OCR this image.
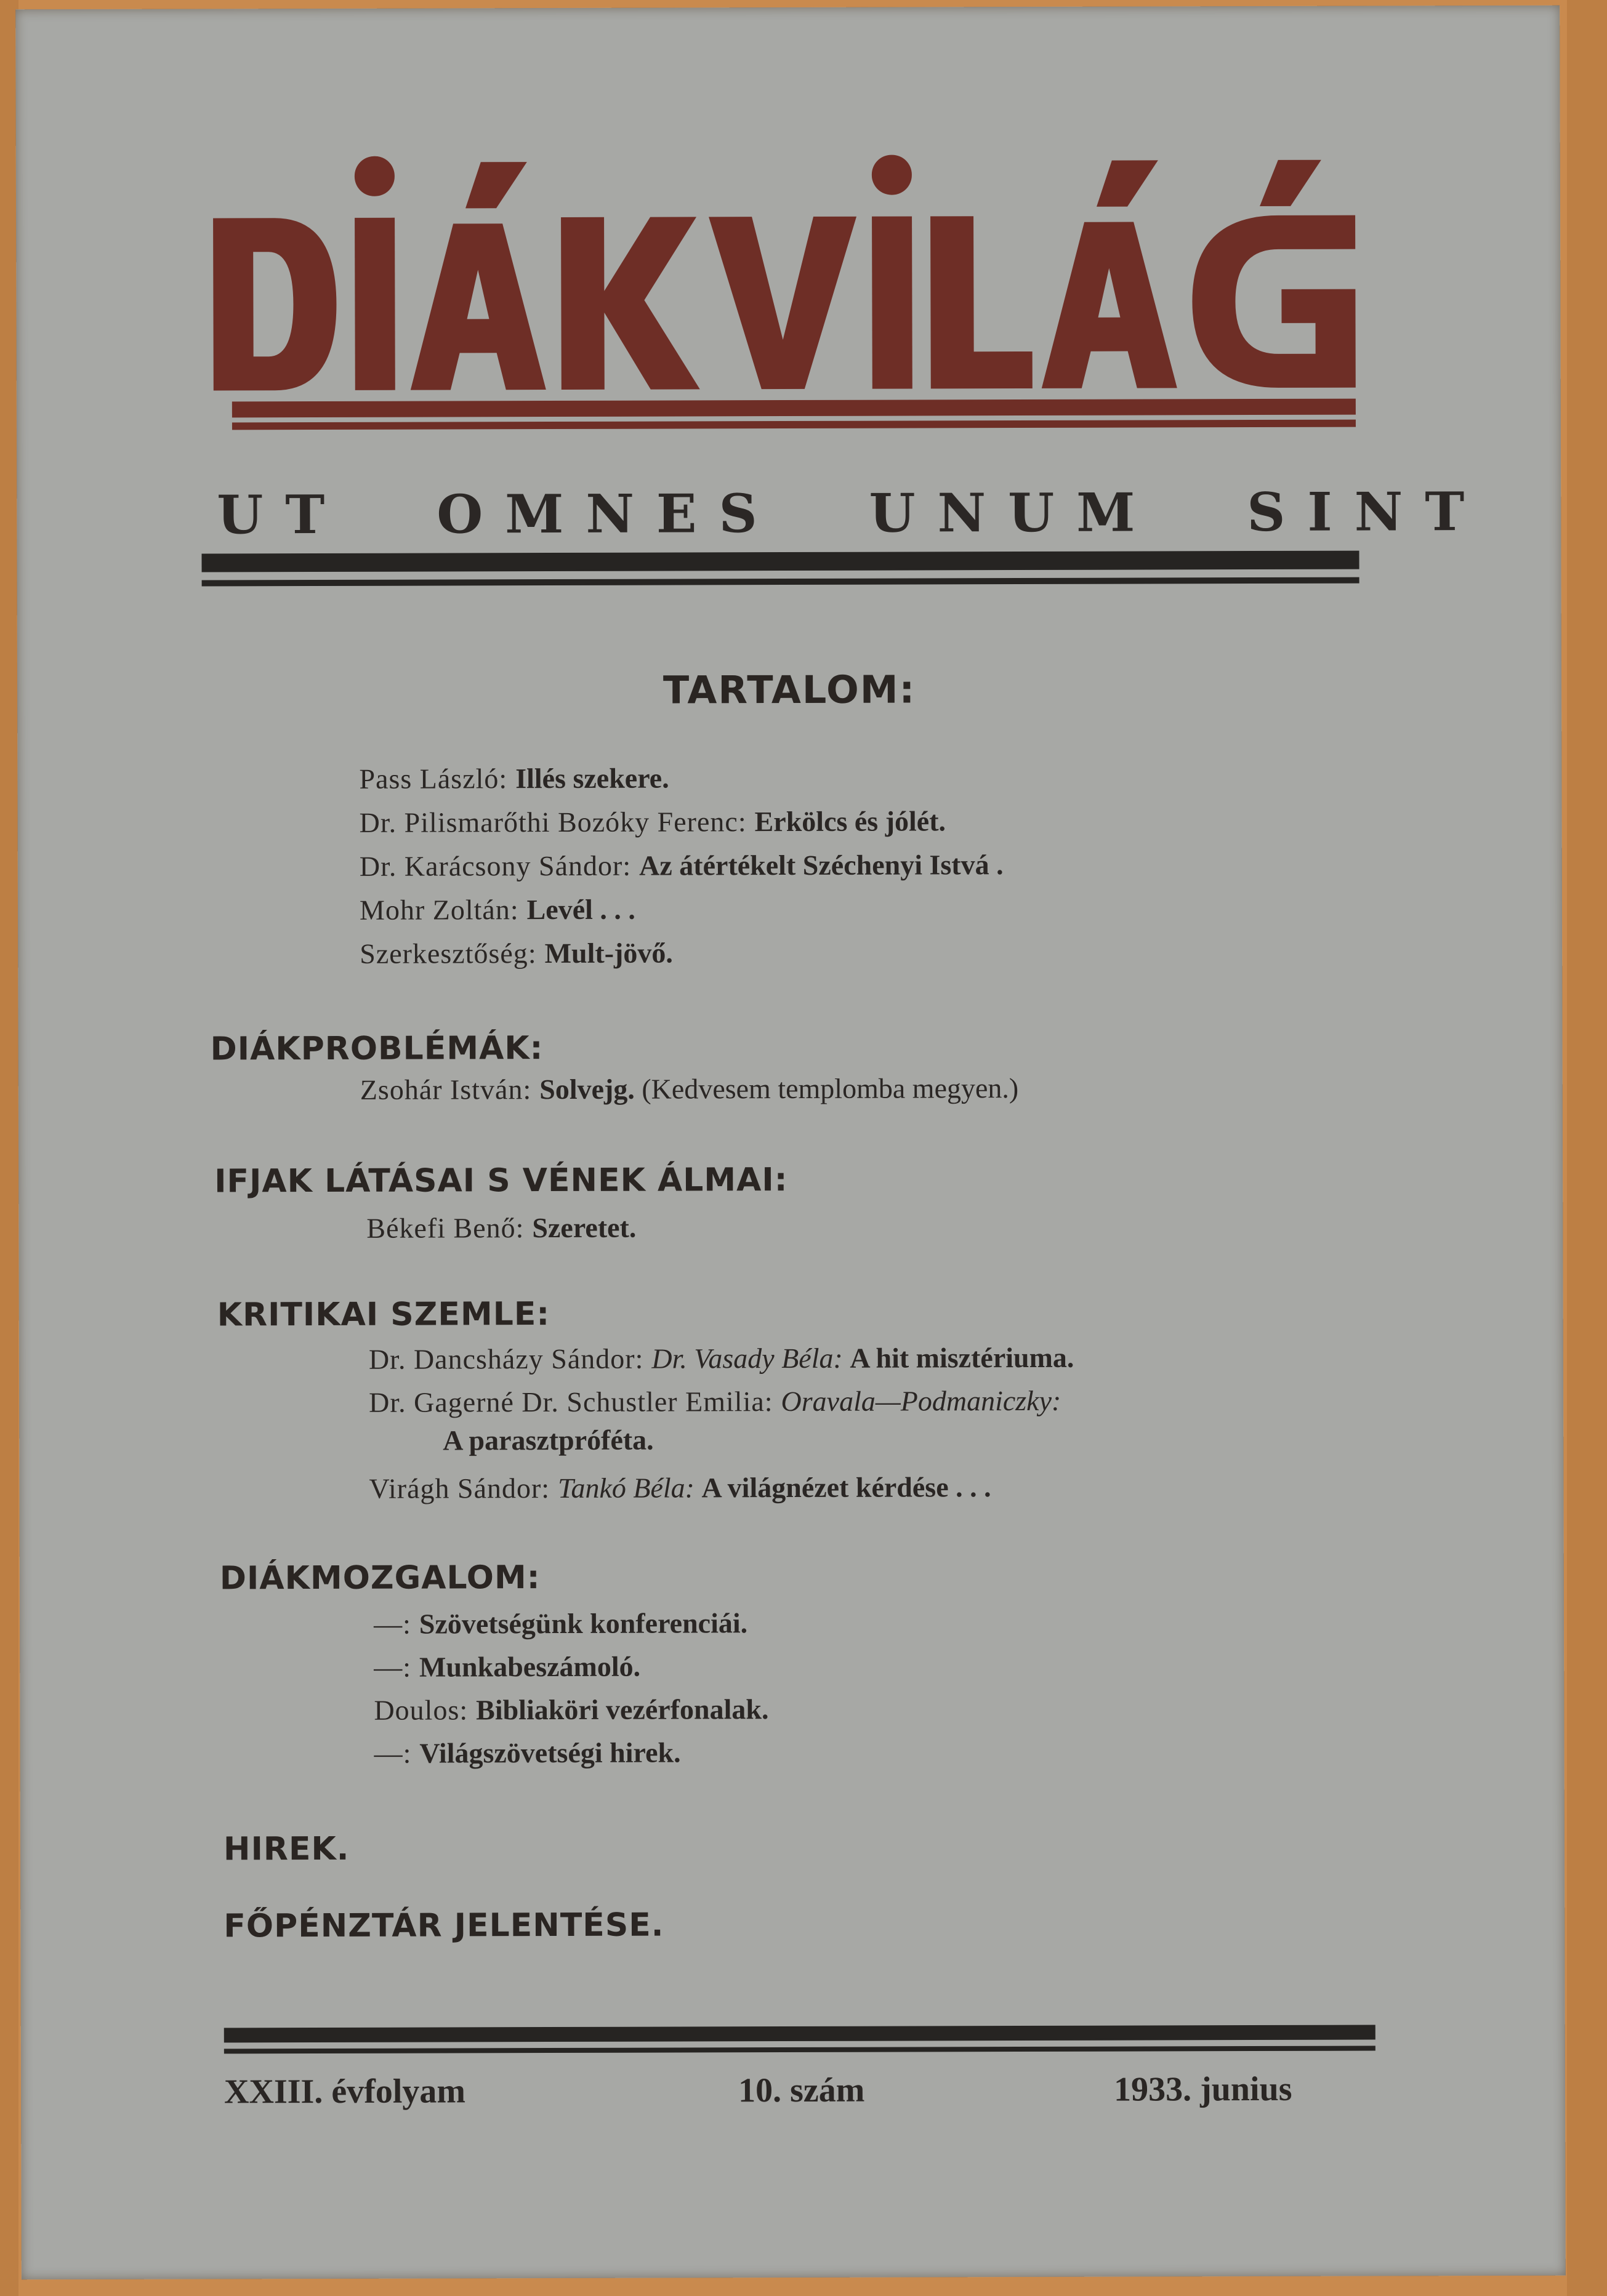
UT OMNES UNUM SINT
TARTALOM:
Pass László: Illés szekere.
Dr. Pilismarőthi Bozóky Ferenc: Erkölcs és jólét.
Dr. Karácsony Sándor: Az átértékelt Széchenyi Istvá .
Mohr Zoltán: Levél . . .
Szerkesztőség: Mult-jövő.
DIÁKPROBLÉMÁK:
Zsohár István: Solvejg. (Kedvesem templomba megyen.)
IFJAK LÁTÁSAI S VÉNEK ÁLMAI:
Békefi Benő: Szeretet.
KRITIKAI SZEMLE:
Dr. Dancsházy Sándor: Dr. Vasady Béla: A hit misztériuma.
Dr. Gagerné Dr. Schustler Emilia: Oravala—Podmaniczky:
A parasztpróféta.
Virágh Sándor: Tankó Béla: A világnézet kérdése . . .
DIÁKMOZGALOM:
—: Szövetségünk konferenciái.
—: Munkabeszámoló.
Doulos: Bibliaköri vezérfonalak.
—: Világszövetségi hirek.
HIREK.
FŐPÉNZTÁR JELENTÉSE.
XXIII. évfolyam	10. szám	1933. junius
